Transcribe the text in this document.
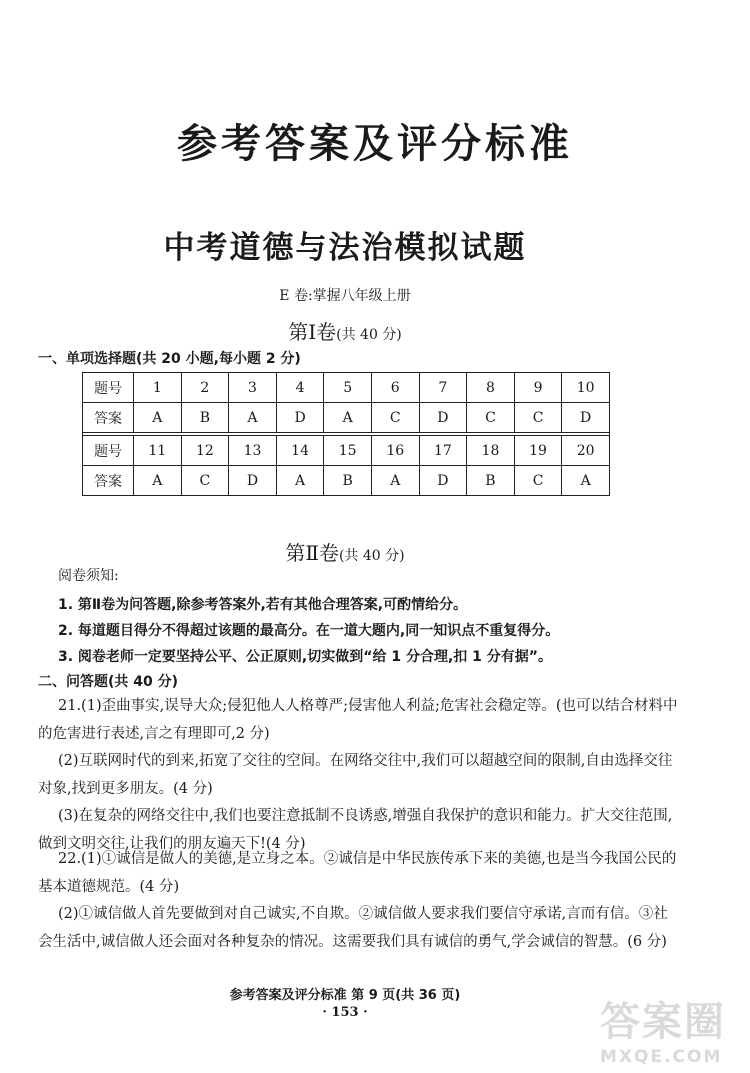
参考答案及评分标准
中考道德与法治模拟试题
E 卷:掌握八年级上册
第Ⅰ卷(共 40 分)
一、单项选择题(共 20 小题,每小题 2 分)
题号	1	2	3	4	5	6	7	8	9	10
答案	A	B	A	D	A	C	D	C	C	D

题号	11	12	13	14	15	16	17	18	19	20
答案	A	C	D	A	B	A	D	B	C	A
第Ⅱ卷(共 40 分)
阅卷须知:
1. 第Ⅱ卷为问答题,除参考答案外,若有其他合理答案,可酌情给分。
2. 每道题目得分不得超过该题的最高分。在一道大题内,同一知识点不重复得分。
3. 阅卷老师一定要坚持公平、公正原则,切实做到“给 1 分合理,扣 1 分有据”。
二、问答题(共 40 分)

21.(1)歪曲事实,误导大众;侵犯他人人格尊严;侵害他人利益;危害社会稳定等。(也可以结合材料中的危害进行表述,言之有理即可,2 分)

(2)互联网时代的到来,拓宽了交往的空间。在网络交往中,我们可以超越空间的限制,自由选择交往对象,找到更多朋友。(4 分)

(3)在复杂的网络交往中,我们也要注意抵制不良诱惑,增强自我保护的意识和能力。扩大交往范围,做到文明交往,让我们的朋友遍天下!(4 分)

22.(1)①诚信是做人的美德,是立身之本。②诚信是中华民族传承下来的美德,也是当今我国公民的基本道德规范。(4 分)

(2)①诚信做人首先要做到对自己诚实,不自欺。②诚信做人要求我们要信守承诺,言而有信。③社会生活中,诚信做人还会面对各种复杂的情况。这需要我们具有诚信的勇气,学会诚信的智慧。(6 分)

参考答案及评分标准 第 9 页(共 36 页)
· 153 ·	答案圈
MXQE.COM
